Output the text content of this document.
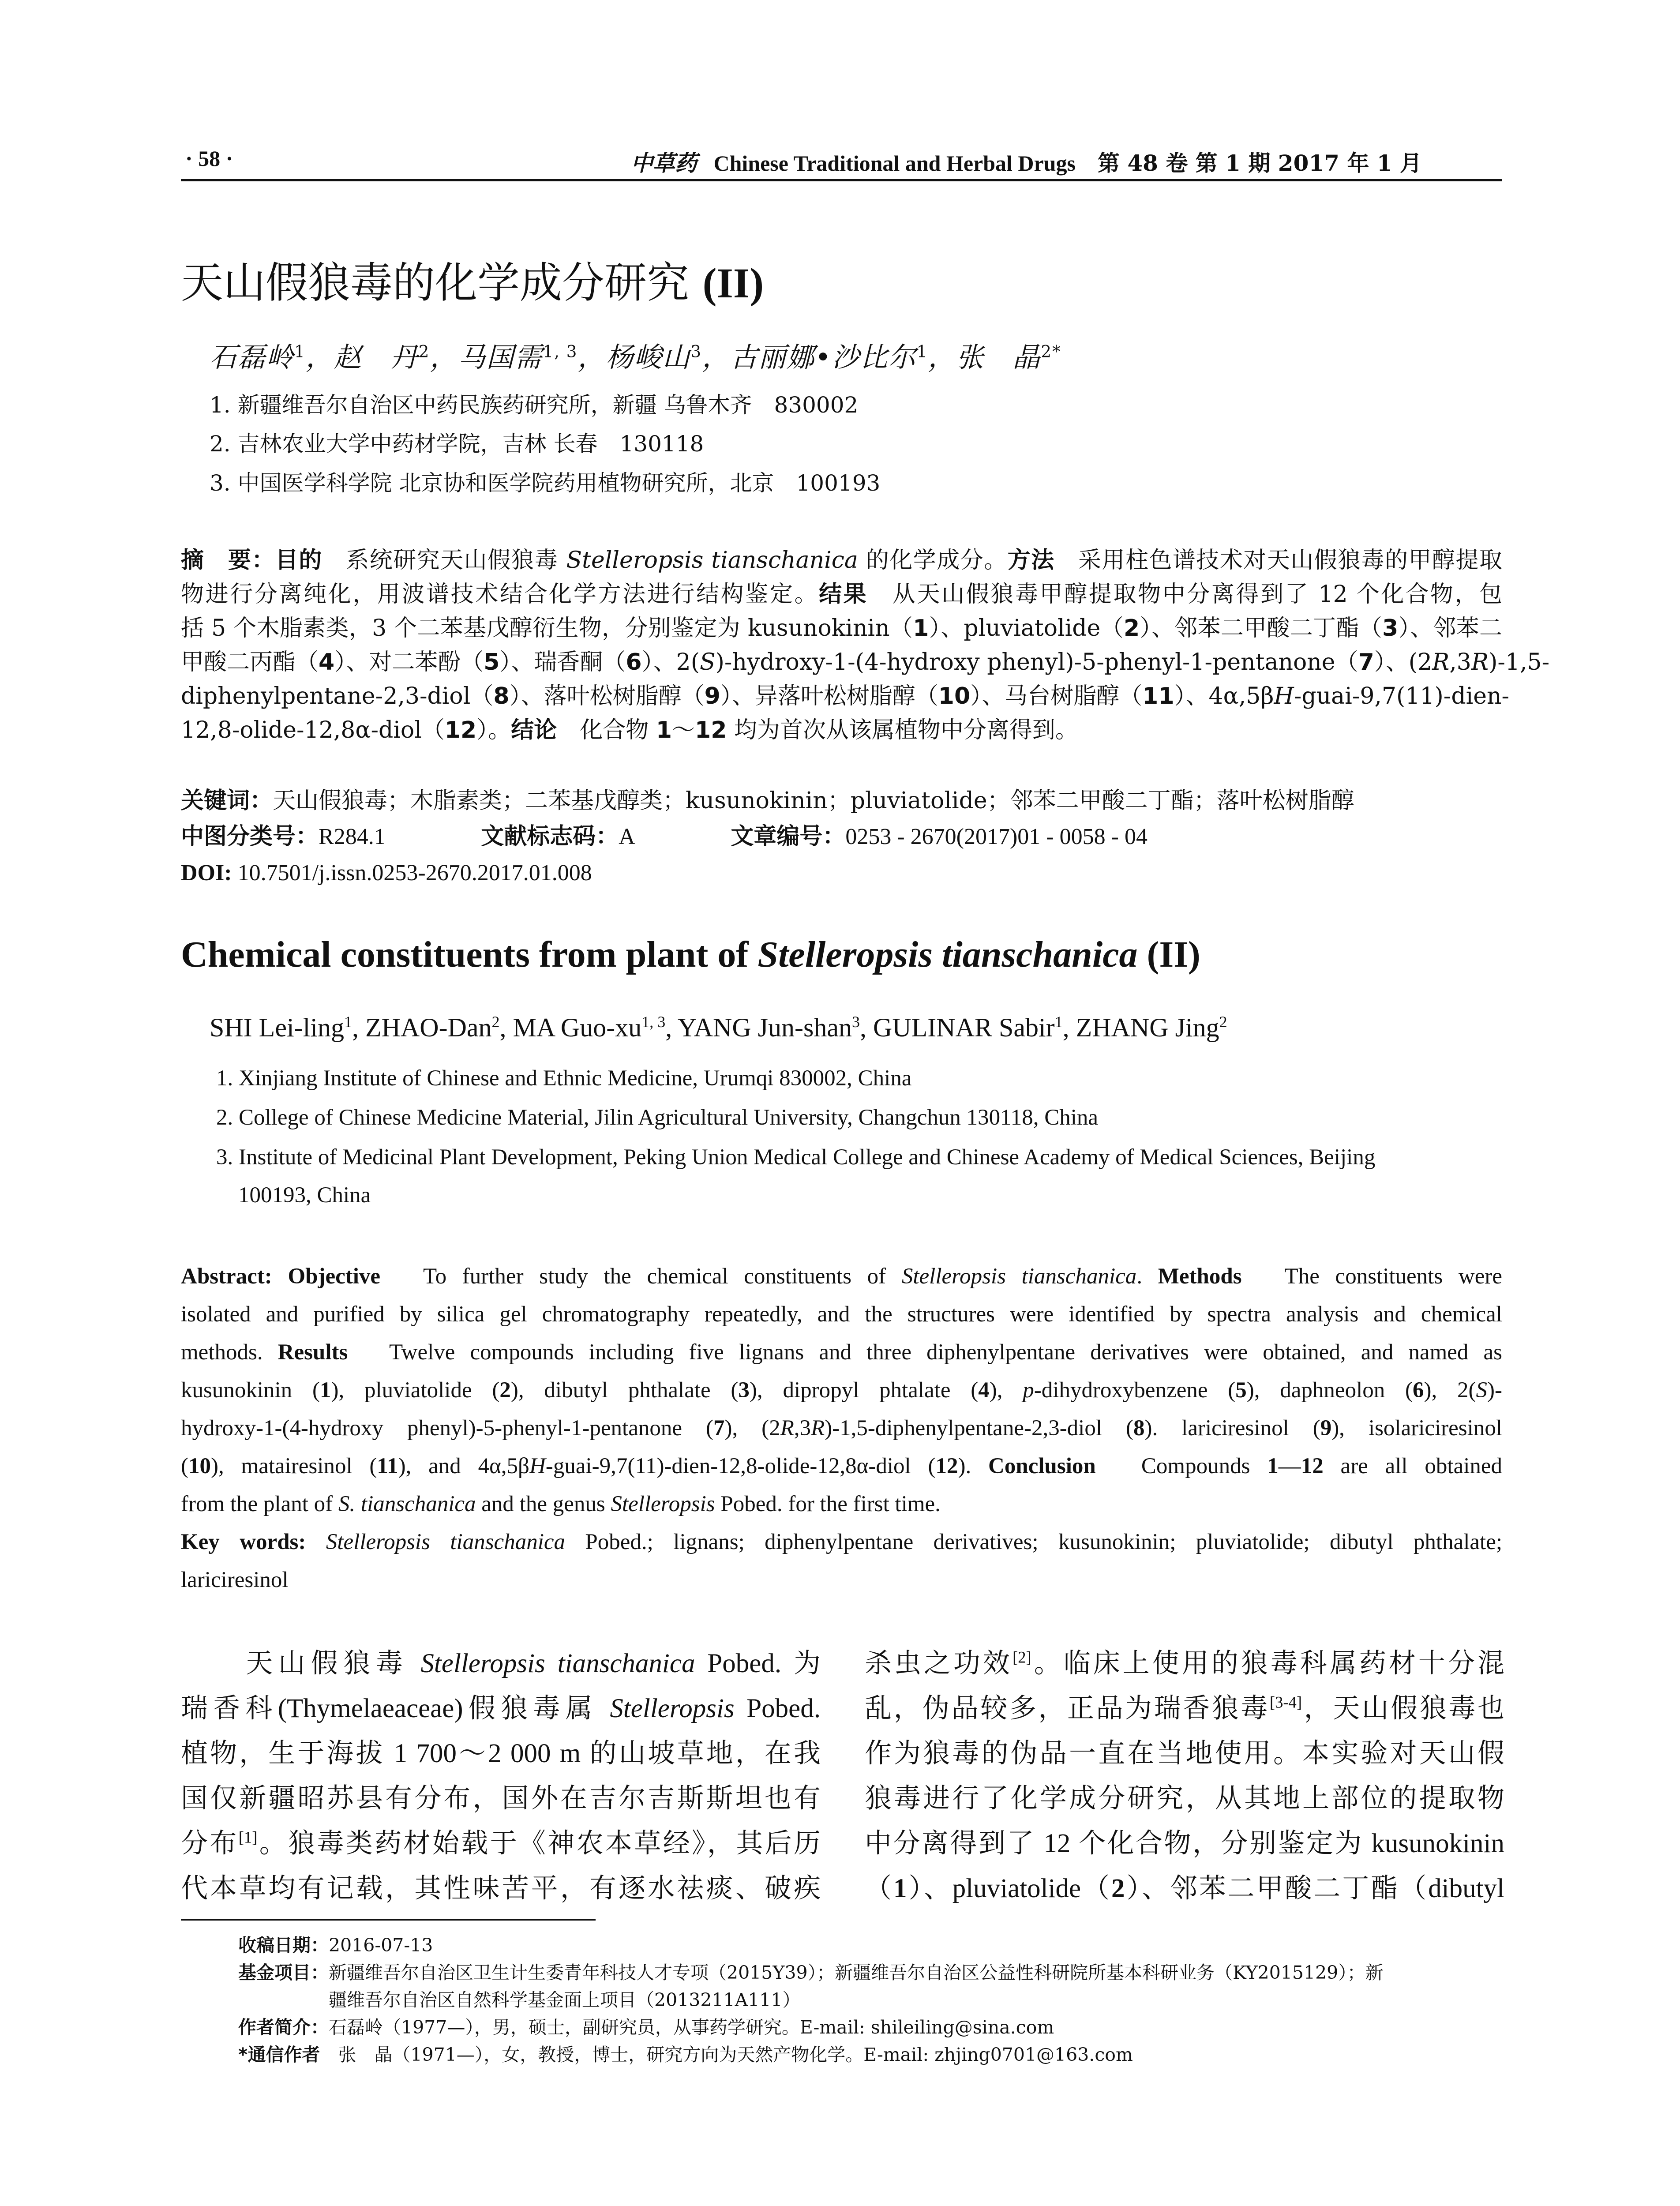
· 58 ·	中草药 Chinese Traditional and Herbal Drugs 第 48 卷 第 1 期 2017 年 1 月
天山假狼毒的化学成分研究 (II)
石磊岭$^1$，赵　丹$^2$，马国需$^{1, 3}$，杨峻山$^3$，古丽娜•沙比尔$^1$，张　晶$^{2*}$
1. 新疆维吾尔自治区中药民族药研究所，新疆 乌鲁木齐　830002
2. 吉林农业大学中药材学院，吉林 长春　130118
3. 中国医学科学院 北京协和医学院药用植物研究所，北京　100193
摘　要：目的　系统研究天山假狼毒 Stelleropsis tianschanica 的化学成分。方法　采用柱色谱技术对天山假狼毒的甲醇提取
物进行分离纯化，用波谱技术结合化学方法进行结构鉴定。结果　从天山假狼毒甲醇提取物中分离得到了 12 个化合物，包
括 5 个木脂素类，3 个二苯基戊醇衍生物，分别鉴定为 kusunokinin（1）、pluviatolide（2）、邻苯二甲酸二丁酯（3）、邻苯二
甲酸二丙酯（4）、对二苯酚（5）、瑞香酮（6）、2(S)-hydroxy-1-(4-hydroxy phenyl)-5-phenyl-1-pentanone（7）、(2R,3R)-1,5-
diphenylpentane-2,3-diol（8）、落叶松树脂醇（9）、异落叶松树脂醇（10）、马台树脂醇（11）、4α,5βH-guai-9,7(11)-dien-
12,8-olide-12,8α-diol（12）。结论　化合物 1～12 均为首次从该属植物中分离得到。
关键词：天山假狼毒；木脂素类；二苯基戊醇类；kusunokinin；pluviatolide；邻苯二甲酸二丁酯；落叶松树脂醇
中图分类号：R284.1	文献标志码：A	文章编号：0253 - 2670(2017)01 - 0058 - 04
DOI: 10.7501/j.issn.0253-2670.2017.01.008
Chemical constituents from plant of Stelleropsis tianschanica (II)
SHI Lei-ling$^1$, ZHAO-Dan$^2$, MA Guo-xu$^{1, 3}$, YANG Jun-shan$^3$, GULINAR Sabir$^1$, ZHANG Jing$^2$
1. Xinjiang Institute of Chinese and Ethnic Medicine, Urumqi 830002, China
2. College of Chinese Medicine Material, Jilin Agricultural University, Changchun 130118, China
3. Institute of Medicinal Plant Development, Peking Union Medical College and Chinese Academy of Medical Sciences, Beijing
100193, China
Abstract: Objective　To further study the chemical constituents of Stelleropsis tianschanica. Methods　The constituents were
isolated and purified by silica gel chromatography repeatedly, and the structures were identified by spectra analysis and chemical
methods. Results　Twelve compounds including five lignans and three diphenylpentane derivatives were obtained, and named as
kusunokinin (1), pluviatolide (2), dibutyl phthalate (3), dipropyl phtalate (4), p-dihydroxybenzene (5), daphneolon (6), 2(S)-
hydroxy-1-(4-hydroxy phenyl)-5-phenyl-1-pentanone (7), (2R,3R)-1,5-diphenylpentane-2,3-diol (8). lariciresinol (9), isolariciresinol
(10), matairesinol (11), and 4α,5βH-guai-9,7(11)-dien-12,8-olide-12,8α-diol (12). Conclusion　Compounds 1—12 are all obtained
from the plant of S. tianschanica and the genus Stelleropsis Pobed. for the first time.
Key words: Stelleropsis tianschanica Pobed.; lignans; diphenylpentane derivatives; kusunokinin; pluviatolide; dibutyl phthalate;
lariciresinol
　　天山假狼毒 Stelleropsis tianschanica Pobed. 为
瑞香科(Thymelaeaceae)假狼毒属 Stelleropsis Pobed.
植物，生于海拔 1 700～2 000 m 的山坡草地，在我
国仅新疆昭苏县有分布，国外在吉尔吉斯斯坦也有
分布[1]。狼毒类药材始载于《神农本草经》，其后历
代本草均有记载，其性味苦平，有逐水祛痰、破疾
杀虫之功效[2]。临床上使用的狼毒科属药材十分混
乱，伪品较多，正品为瑞香狼毒[3-4]，天山假狼毒也
作为狼毒的伪品一直在当地使用。本实验对天山假
狼毒进行了化学成分研究，从其地上部位的提取物
中分离得到了 12 个化合物，分别鉴定为 kusunokinin
（1）、pluviatolide（2）、邻苯二甲酸二丁酯（dibutyl
收稿日期：2016-07-13
基金项目：新疆维吾尔自治区卫生计生委青年科技人才专项（2015Y39）；新疆维吾尔自治区公益性科研院所基本科研业务（KY2015129）；新
疆维吾尔自治区自然科学基金面上项目（2013211A111）
作者简介：石磊岭（1977—），男，硕士，副研究员，从事药学研究。E-mail: shileiling@sina.com
*通信作者　张　晶（1971—），女，教授，博士，研究方向为天然产物化学。E-mail: zhjing0701@163.com
